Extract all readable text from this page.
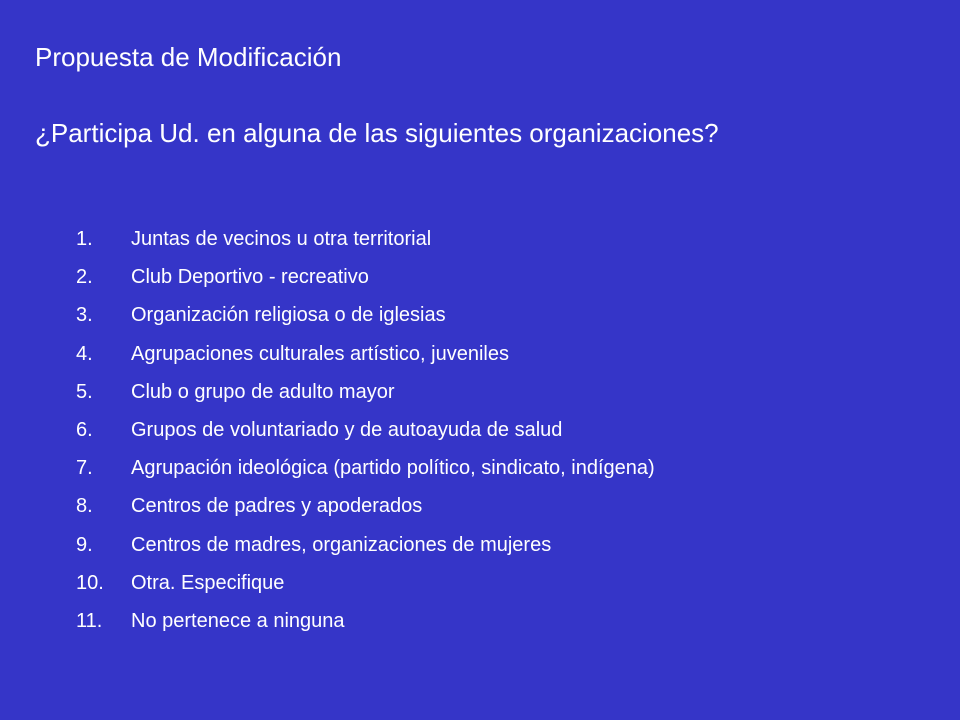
Propuesta de Modificación
¿Participa Ud. en alguna de las siguientes organizaciones?
1.	Juntas de vecinos u otra territorial
2.	Club Deportivo - recreativo
3.	Organización religiosa o de iglesias
4.	Agrupaciones culturales artístico, juveniles
5.	Club o grupo de adulto mayor
6.	Grupos de voluntariado y de autoayuda de salud
7.	Agrupación ideológica (partido político, sindicato, indígena)
8.	Centros de padres y apoderados
9.	Centros de madres, organizaciones de mujeres
10.	Otra. Especifique
11.	No pertenece a ninguna
